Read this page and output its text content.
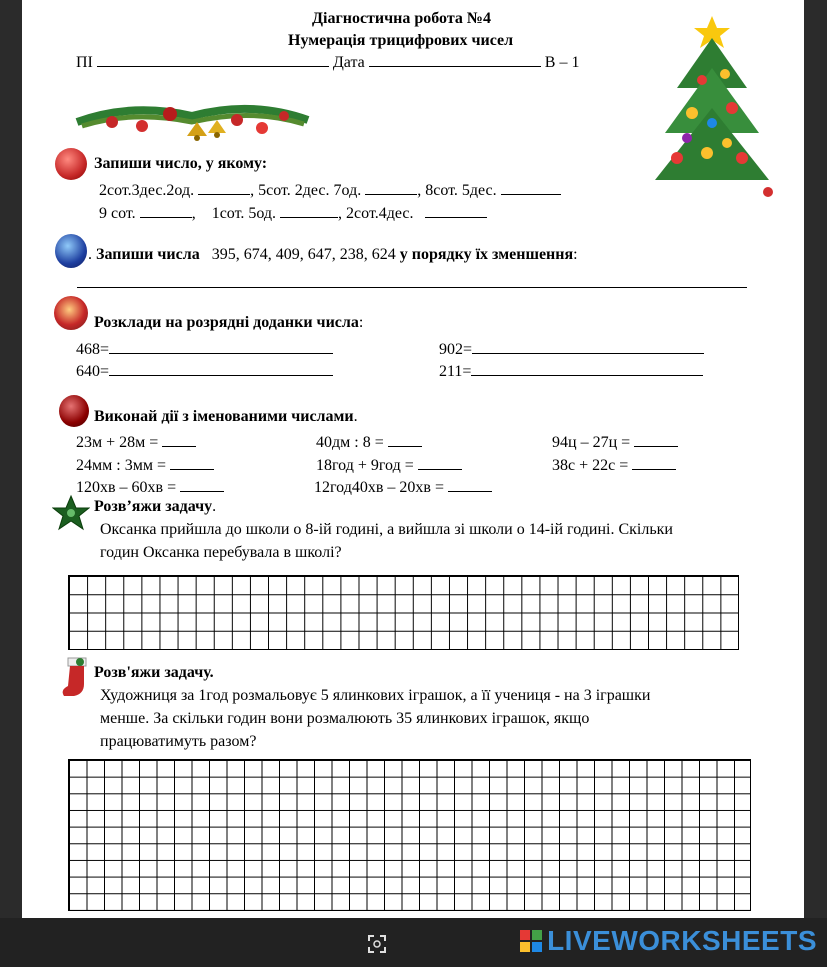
Діагностична робота №4
Нумерація трицифрових чисел
ПІ	Дата	В – 1
Запиши число, у якому:
2сот.3дес.2од.	, 5сот. 2дес. 7од.	, 8сот. 5дес.
9 сот.	,    1сот. 5од.	, 2сот.4дес.
. Запиши числа 395, 674, 409, 647, 238, 624 у порядку їх зменшення:
Розклади на розрядні доданки числа:
468=	902=
640=	211=
Виконай дії з іменованими числами.
23м + 28м =	40дм : 8 =	94ц – 27ц =
24мм : 3мм =	18год + 9год =	38с + 22с =
120хв – 60хв =	12год40хв – 20хв =
Розв’яжи задачу.
Оксанка прийшла до школи о 8-ій годині, а вийшла зі школи о 14-ій годині. Скільки
годин Оксанка перебувала в школі?
Розв'яжи задачу.
Художниця за 1год розмальовує 5 ялинкових іграшок, а її учениця - на 3 іграшки
менше. За скільки годин вони розмалюють 35 ялинкових іграшок, якщо
працюватимуть разом?
LIVEWORKSHEETS
